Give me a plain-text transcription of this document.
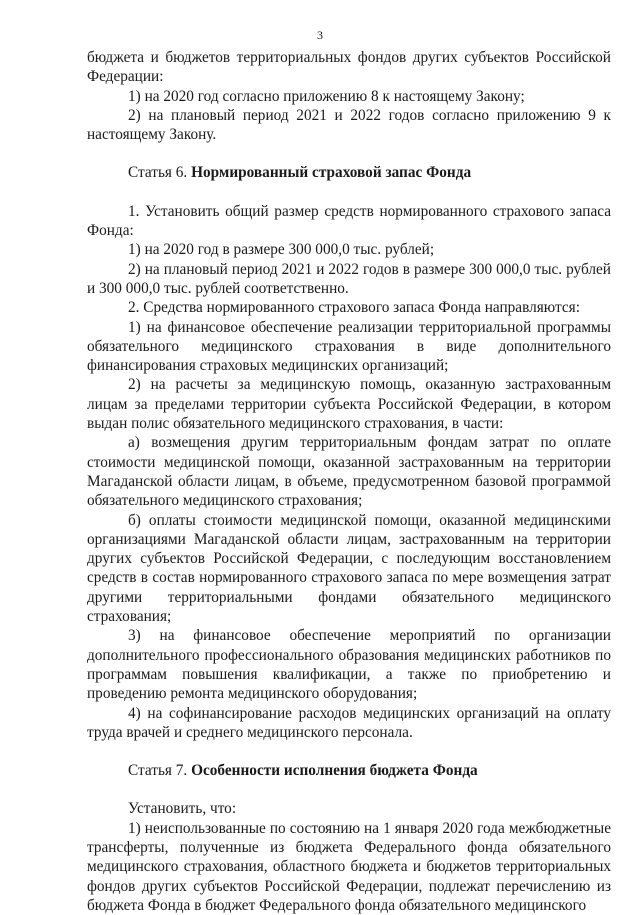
3

бюджета и бюджетов территориальных фондов других субъектов Российской Федерации:

1) на 2020 год согласно приложению 8 к настоящему Закону;

2) на плановый период 2021 и 2022 годов согласно приложению 9 к настоящему Закону.

Статья 6. Нормированный страховой запас Фонда

1. Установить общий размер средств нормированного страхового запаса Фонда:

1) на 2020 год в размере 300 000,0 тыс. рублей;

2) на плановый период 2021 и 2022 годов в размере 300 000,0 тыс. рублей и 300 000,0 тыс. рублей соответственно.

2. Средства нормированного страхового запаса Фонда направляются:

1) на финансовое обеспечение реализации территориальной программы обязательного медицинского страхования в виде дополнительного финансирования страховых медицинских организаций;

2) на расчеты за медицинскую помощь, оказанную застрахованным лицам за пределами территории субъекта Российской Федерации, в котором выдан полис обязательного медицинского страхования, в части:

а) возмещения другим территориальным фондам затрат по оплате стоимости медицинской помощи, оказанной застрахованным на территории Магаданской области лицам, в объеме, предусмотренном базовой программой обязательного медицинского страхования;

б) оплаты стоимости медицинской помощи, оказанной медицинскими организациями Магаданской области лицам, застрахованным на территории других субъектов Российской Федерации, с последующим восстановлением средств в состав нормированного страхового запаса по мере возмещения затрат другими территориальными фондами обязательного медицинского страхования;

3) на финансовое обеспечение мероприятий по организации дополнительного профессионального образования медицинских работников по программам повышения квалификации, а также по приобретению и проведению ремонта медицинского оборудования;

4) на софинансирование расходов медицинских организаций на оплату труда врачей и среднего медицинского персонала.

Статья 7. Особенности исполнения бюджета Фонда

Установить, что:

1) неиспользованные по состоянию на 1 января 2020 года межбюджетные трансферты, полученные из бюджета Федерального фонда обязательного медицинского страхования, областного бюджета и бюджетов территориальных фондов других субъектов Российской Федерации, подлежат перечислению из бюджета Фонда в бюджет Федерального фонда обязательного медицинского
